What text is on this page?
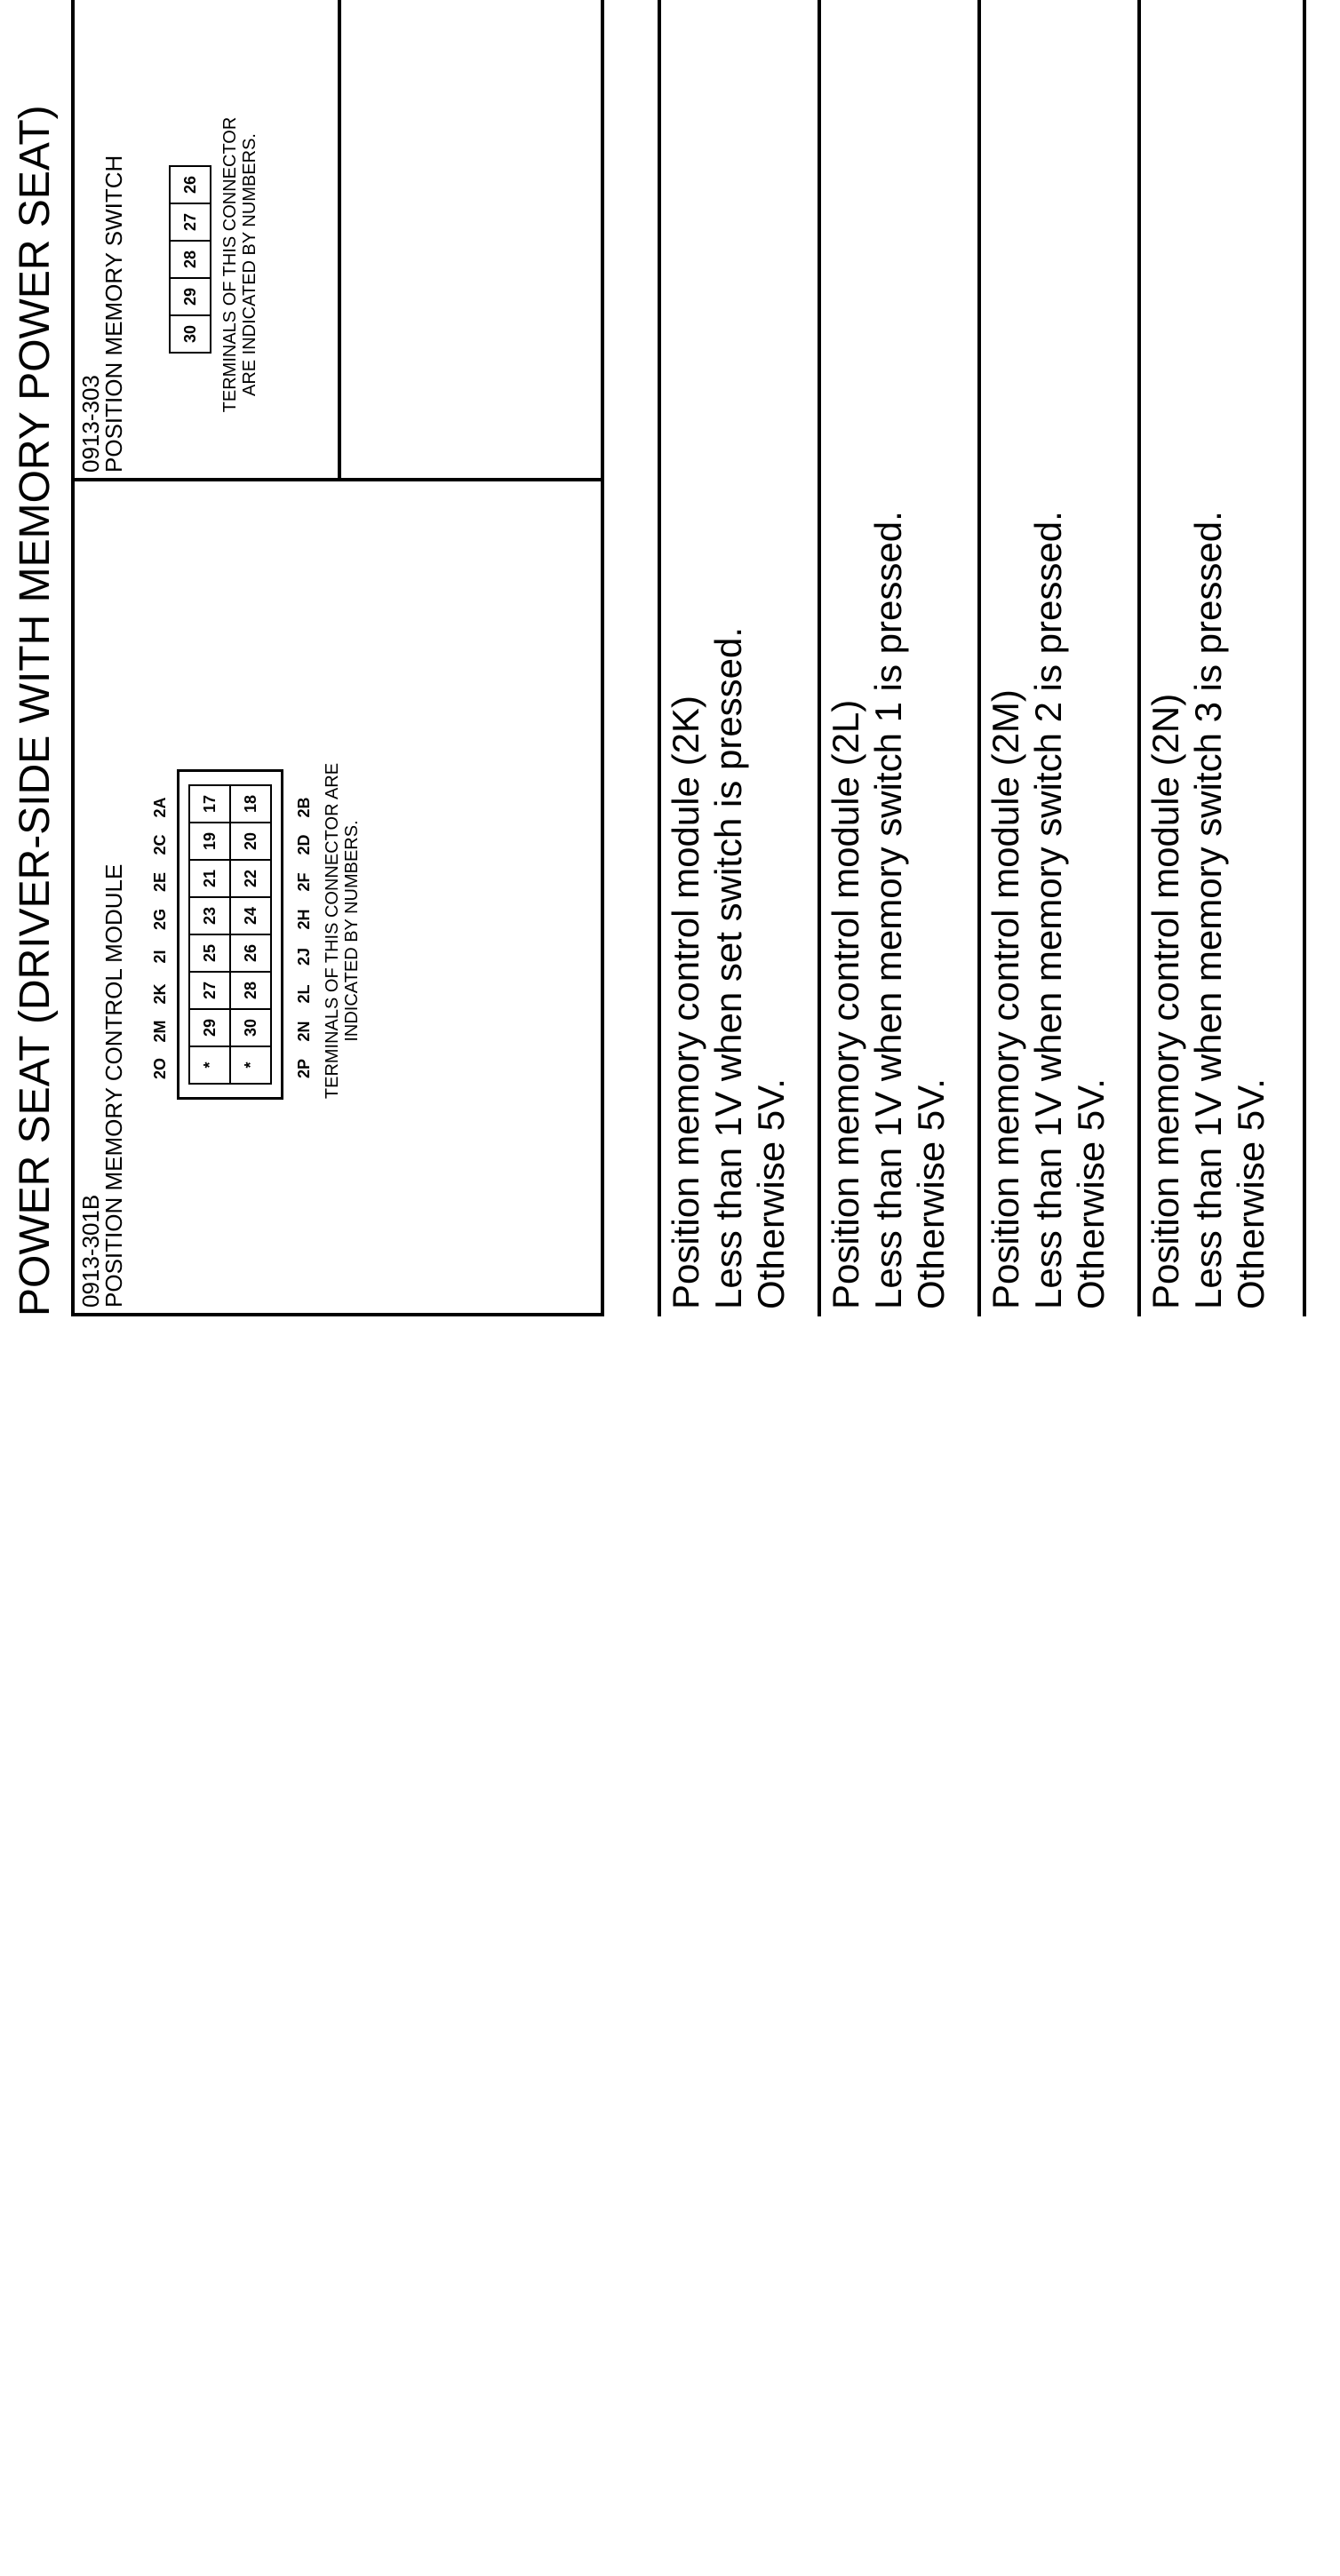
POWER SEAT (DRIVER-SIDE WITH MEMORY POWER SEAT) 0913-301B
POSITION MEMORY CONTROL MODULE 2O
2M
2K
2I
2G
2E
2C
2A
*	29	27	25	23	21	19	17
*	30	28	26	24	22	20	18
2P
2N
2L
2J
2H
2F
2D
2B TERMINALS OF THIS CONNECTOR ARE INDICATED BY NUMBERS.
0913-303
POSITION MEMORY SWITCH	30	29	28	27	26 TERMINALS OF THIS CONNECTOR ARE INDICATED BY NUMBERS.
Position memory control module (2K) Less than 1V when set switch is pressed. Otherwise 5V. Position memory control module (2L) Less than 1V when memory switch 1 is pressed. Otherwise 5V. Position memory control module (2M) Less than 1V when memory switch 2 is pressed. Otherwise 5V. Position memory control module (2N) Less than 1V when memory switch 3 is pressed. Otherwise 5V.
